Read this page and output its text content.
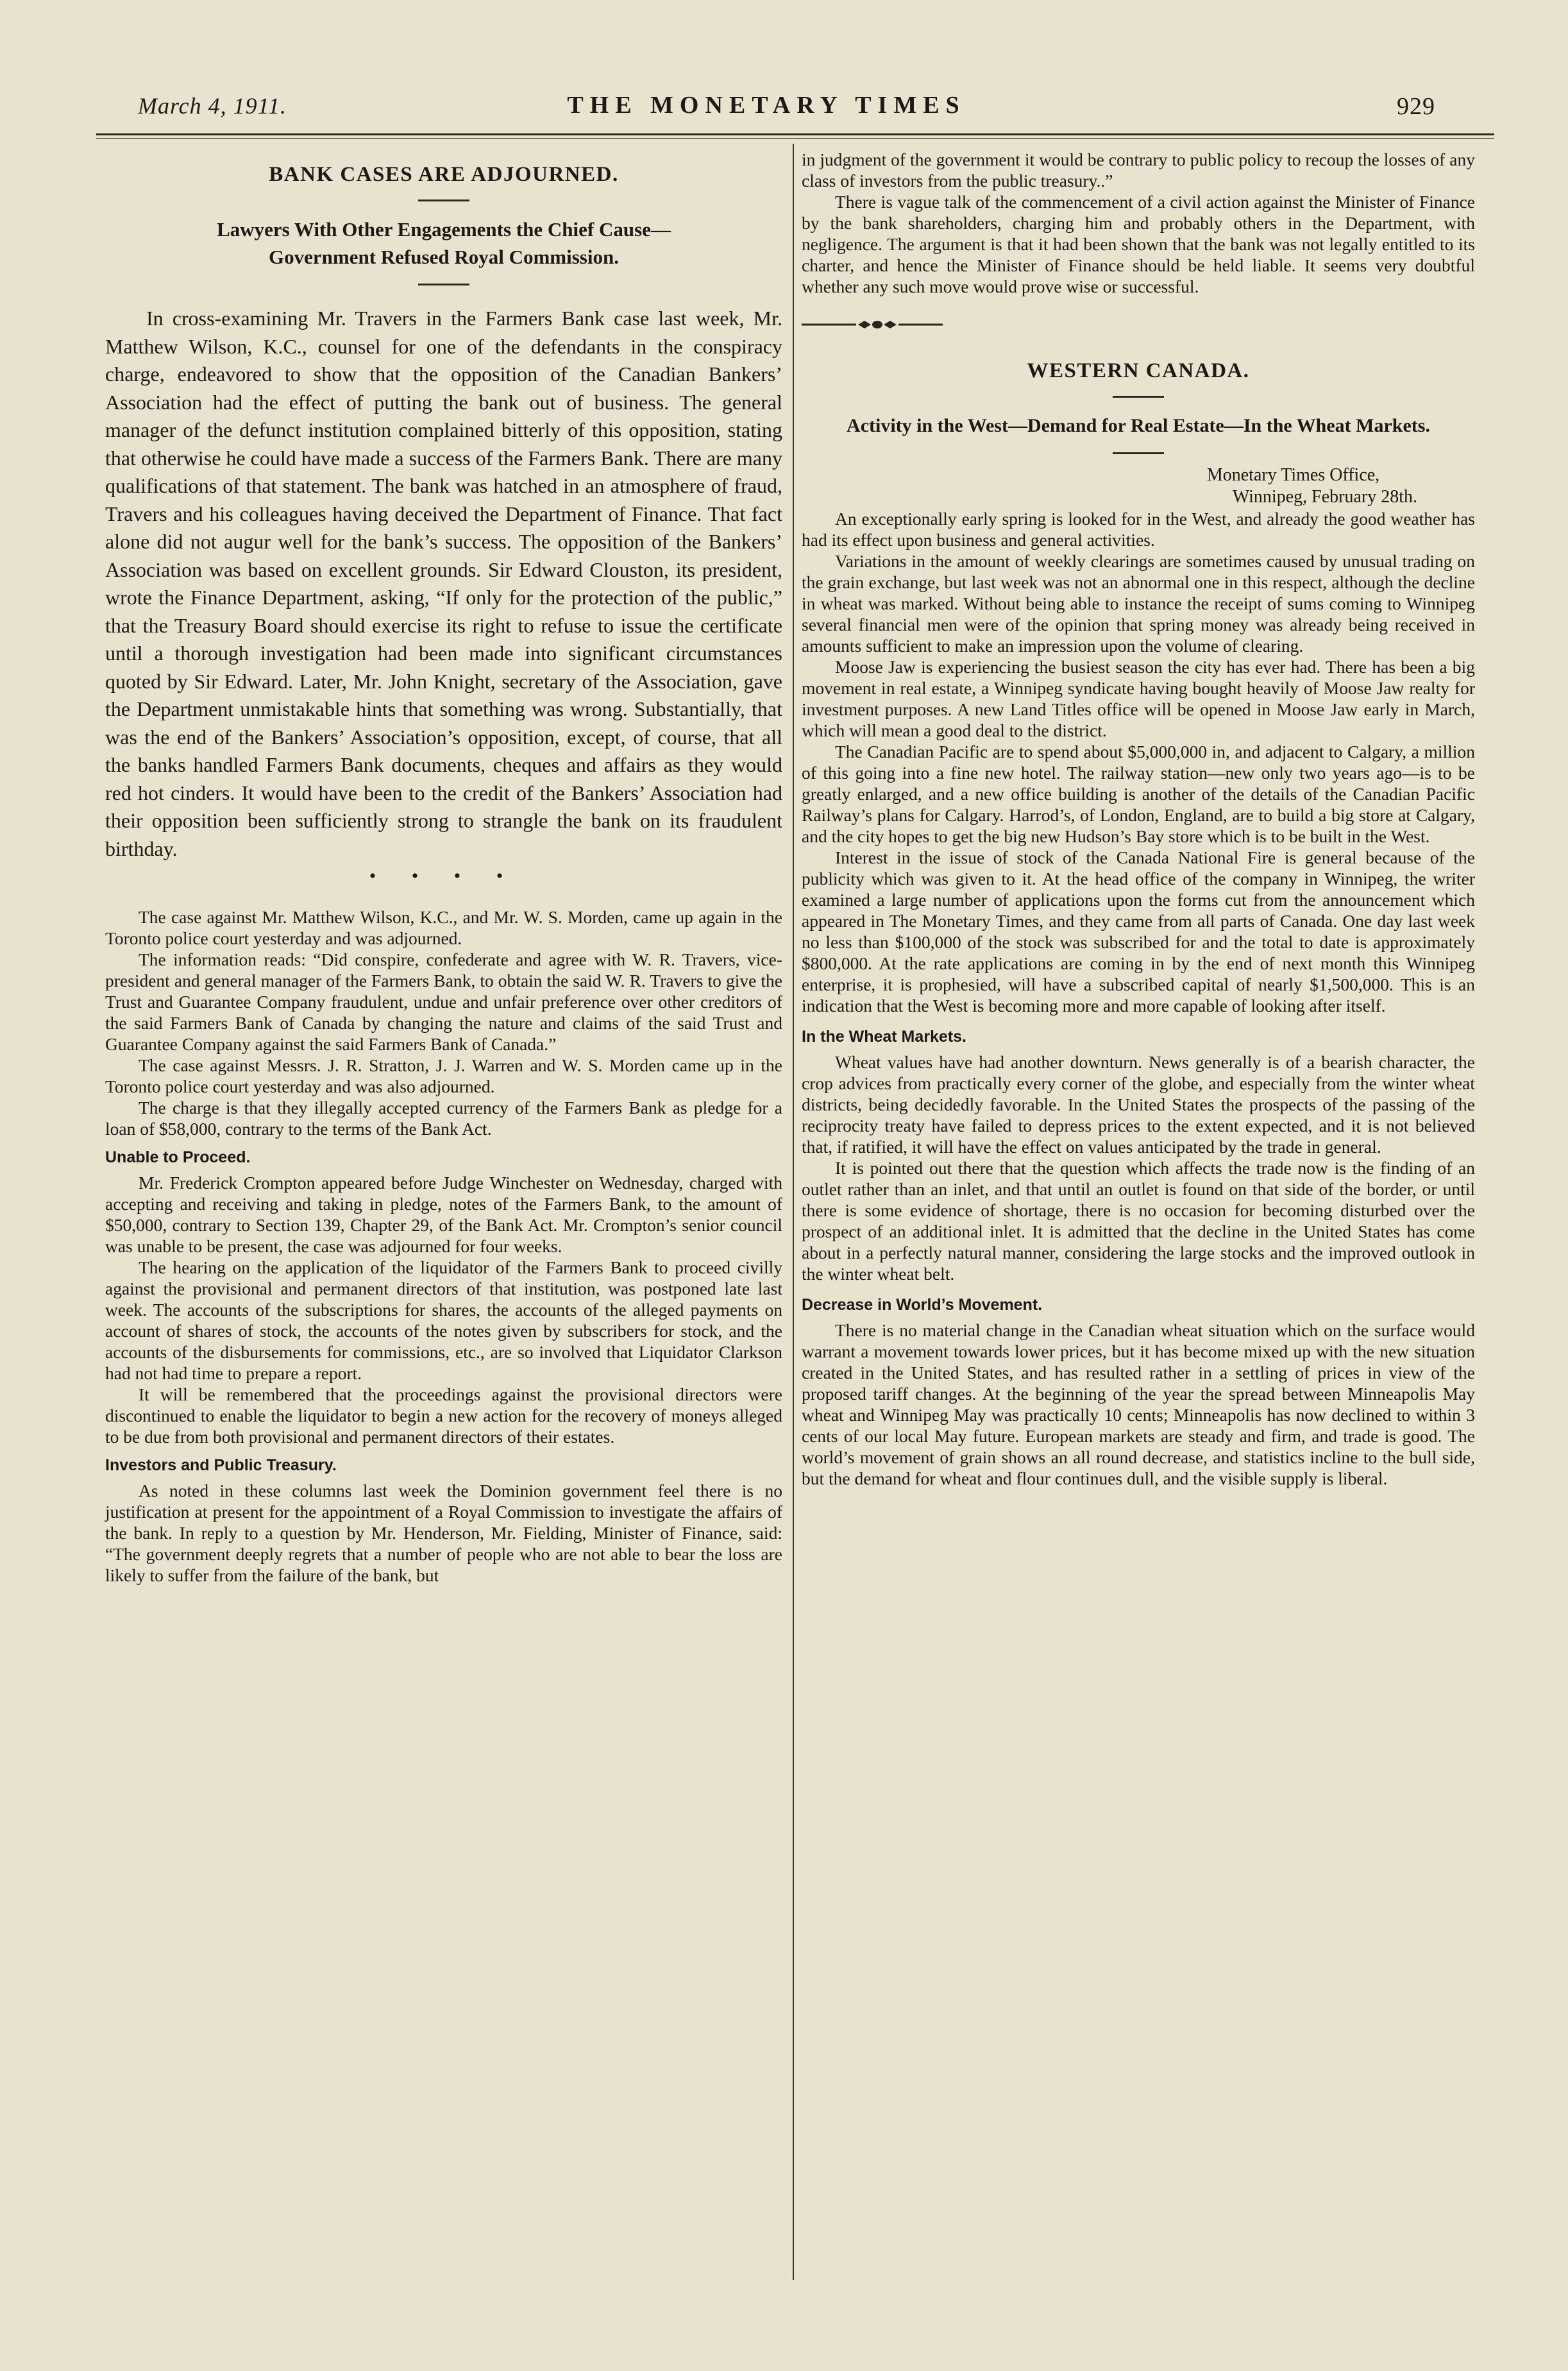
March 4, 1911.	THE MONETARY TIMES	929
BANK CASES ARE ADJOURNED.
Lawyers With Other Engagements the Chief Cause— Government Refused Royal Commission.

In cross-examining Mr. Travers in the Farmers Bank case last week, Mr. Matthew Wilson, K.C., counsel for one of the defendants in the conspiracy charge, endeavored to show that the opposition of the Canadian Bankers’ Association had the effect of putting the bank out of business. The general manager of the defunct institution complained bitterly of this opposition, stating that otherwise he could have made a success of the Farmers Bank. There are many qualifications of that statement. The bank was hatched in an atmosphere of fraud, Travers and his colleagues having deceived the Department of Finance. That fact alone did not augur well for the bank’s success. The opposition of the Bankers’ Association was based on excellent grounds. Sir Edward Clouston, its president, wrote the Finance Department, asking, “If only for the protection of the public,” that the Treasury Board should exercise its right to refuse to issue the certificate until a thorough investigation had been made into significant circumstances quoted by Sir Edward. Later, Mr. John Knight, secretary of the Association, gave the Department unmistakable hints that something was wrong. Substantially, that was the end of the Bankers’ Association’s opposition, except, of course, that all the banks handled Farmers Bank documents, cheques and affairs as they would red hot cinders. It would have been to the credit of the Bankers’ Association had their opposition been sufficiently strong to strangle the bank on its fraudulent birthday.

• • • •

The case against Mr. Matthew Wilson, K.C., and Mr. W. S. Morden, came up again in the Toronto police court yesterday and was adjourned.

The information reads: “Did conspire, confederate and agree with W. R. Travers, vice-president and general manager of the Farmers Bank, to obtain the said W. R. Travers to give the Trust and Guarantee Company fraudulent, undue and unfair preference over other creditors of the said Farmers Bank of Canada by changing the nature and claims of the said Trust and Guarantee Company against the said Farmers Bank of Canada.”

The case against Messrs. J. R. Stratton, J. J. Warren and W. S. Morden came up in the Toronto police court yesterday and was also adjourned.

The charge is that they illegally accepted currency of the Farmers Bank as pledge for a loan of $58,000, contrary to the terms of the Bank Act.

Unable to Proceed.

Mr. Frederick Crompton appeared before Judge Winchester on Wednesday, charged with accepting and receiving and taking in pledge, notes of the Farmers Bank, to the amount of $50,000, contrary to Section 139, Chapter 29, of the Bank Act. Mr. Crompton’s senior council was unable to be present, the case was adjourned for four weeks.

The hearing on the application of the liquidator of the Farmers Bank to proceed civilly against the provisional and permanent directors of that institution, was postponed late last week. The accounts of the subscriptions for shares, the accounts of the alleged payments on account of shares of stock, the accounts of the notes given by subscribers for stock, and the accounts of the disbursements for commissions, etc., are so involved that Liquidator Clarkson had not had time to prepare a report.

It will be remembered that the proceedings against the provisional directors were discontinued to enable the liquidator to begin a new action for the recovery of moneys alleged to be due from both provisional and permanent directors of their estates.

Investors and Public Treasury.

As noted in these columns last week the Dominion government feel there is no justification at present for the appointment of a Royal Commission to investigate the affairs of the bank. In reply to a question by Mr. Henderson, Mr. Fielding, Minister of Finance, said: “The government deeply regrets that a number of people who are not able to bear the loss are likely to suffer from the failure of the bank, but

in judgment of the government it would be contrary to public policy to recoup the losses of any class of investors from the public treasury..”

There is vague talk of the commencement of a civil action against the Minister of Finance by the bank shareholders, charging him and probably others in the Department, with negligence. The argument is that it had been shown that the bank was not legally entitled to its charter, and hence the Minister of Finance should be held liable. It seems very doubtful whether any such move would prove wise or successful.

WESTERN CANADA.
Activity in the West—Demand for Real Estate—In the Wheat Markets.
Monetary Times Office,
Winnipeg, February 28th.

An exceptionally early spring is looked for in the West, and already the good weather has had its effect upon business and general activities.

Variations in the amount of weekly clearings are sometimes caused by unusual trading on the grain exchange, but last week was not an abnormal one in this respect, although the decline in wheat was marked. Without being able to instance the receipt of sums coming to Winnipeg several financial men were of the opinion that spring money was already being received in amounts sufficient to make an impression upon the volume of clearing.

Moose Jaw is experiencing the busiest season the city has ever had. There has been a big movement in real estate, a Winnipeg syndicate having bought heavily of Moose Jaw realty for investment purposes. A new Land Titles office will be opened in Moose Jaw early in March, which will mean a good deal to the district.

The Canadian Pacific are to spend about $5,000,000 in, and adjacent to Calgary, a million of this going into a fine new hotel. The railway station—new only two years ago—is to be greatly enlarged, and a new office building is another of the details of the Canadian Pacific Railway’s plans for Calgary. Harrod’s, of London, England, are to build a big store at Calgary, and the city hopes to get the big new Hudson’s Bay store which is to be built in the West.

Interest in the issue of stock of the Canada National Fire is general because of the publicity which was given to it. At the head office of the company in Winnipeg, the writer examined a large number of applications upon the forms cut from the announcement which appeared in The Monetary Times, and they came from all parts of Canada. One day last week no less than $100,000 of the stock was subscribed for and the total to date is approximately $800,000. At the rate applications are coming in by the end of next month this Winnipeg enterprise, it is prophesied, will have a subscribed capital of nearly $1,500,000. This is an indication that the West is becoming more and more capable of looking after itself.

In the Wheat Markets.

Wheat values have had another downturn. News generally is of a bearish character, the crop advices from practically every corner of the globe, and especially from the winter wheat districts, being decidedly favorable. In the United States the prospects of the passing of the reciprocity treaty have failed to depress prices to the extent expected, and it is not believed that, if ratified, it will have the effect on values anticipated by the trade in general.

It is pointed out there that the question which affects the trade now is the finding of an outlet rather than an inlet, and that until an outlet is found on that side of the border, or until there is some evidence of shortage, there is no occasion for becoming disturbed over the prospect of an additional inlet. It is admitted that the decline in the United States has come about in a perfectly natural manner, considering the large stocks and the improved outlook in the winter wheat belt.

Decrease in World’s Movement.

There is no material change in the Canadian wheat situation which on the surface would warrant a movement towards lower prices, but it has become mixed up with the new situation created in the United States, and has resulted rather in a settling of prices in view of the proposed tariff changes. At the beginning of the year the spread between Minneapolis May wheat and Winnipeg May was practically 10 cents; Minneapolis has now declined to within 3 cents of our local May future. European markets are steady and firm, and trade is good. The world’s movement of grain shows an all round decrease, and statistics incline to the bull side, but the demand for wheat and flour continues dull, and the visible supply is liberal.
